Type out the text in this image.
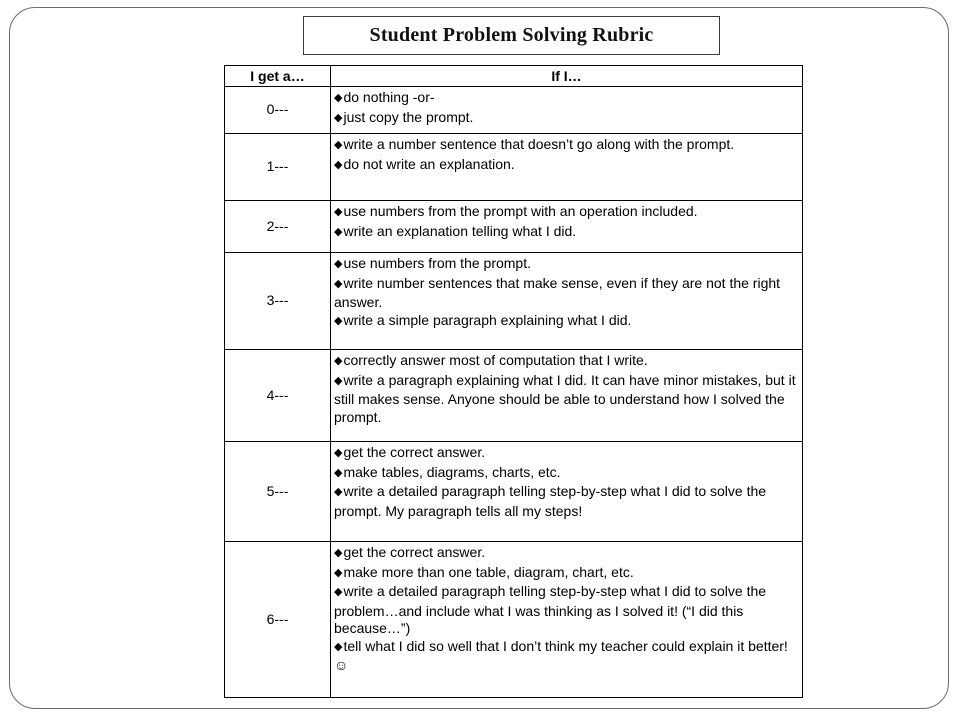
Student Problem Solving Rubric
I get a…	If I…
0---	◆do nothing -or-

◆just copy the prompt.

1---	◆write a number sentence that doesn’t go along with the prompt.

◆do not write an explanation.

2---	◆use numbers from the prompt with an operation included.

◆write an explanation telling what I did.

3---	◆use numbers from the prompt.

◆write number sentences that make sense, even if they are not the right answer.

◆write a simple paragraph explaining what I did.

4---	◆correctly answer most of computation that I write.

◆write a paragraph explaining what I did. It can have minor mistakes, but it still makes sense. Anyone should be able to understand how I solved the prompt.

5---	◆get the correct answer.

◆make tables, diagrams, charts, etc.

◆write a detailed paragraph telling step-by-step what I did to solve the prompt. My paragraph tells all my steps!

6---	◆get the correct answer.

◆make more than one table, diagram, chart, etc.

◆write a detailed paragraph telling step-by-step what I did to solve the problem…and include what I was thinking as I solved it! (“I did this because…”)

◆tell what I did so well that I don’t think my teacher could explain it better! ☺
